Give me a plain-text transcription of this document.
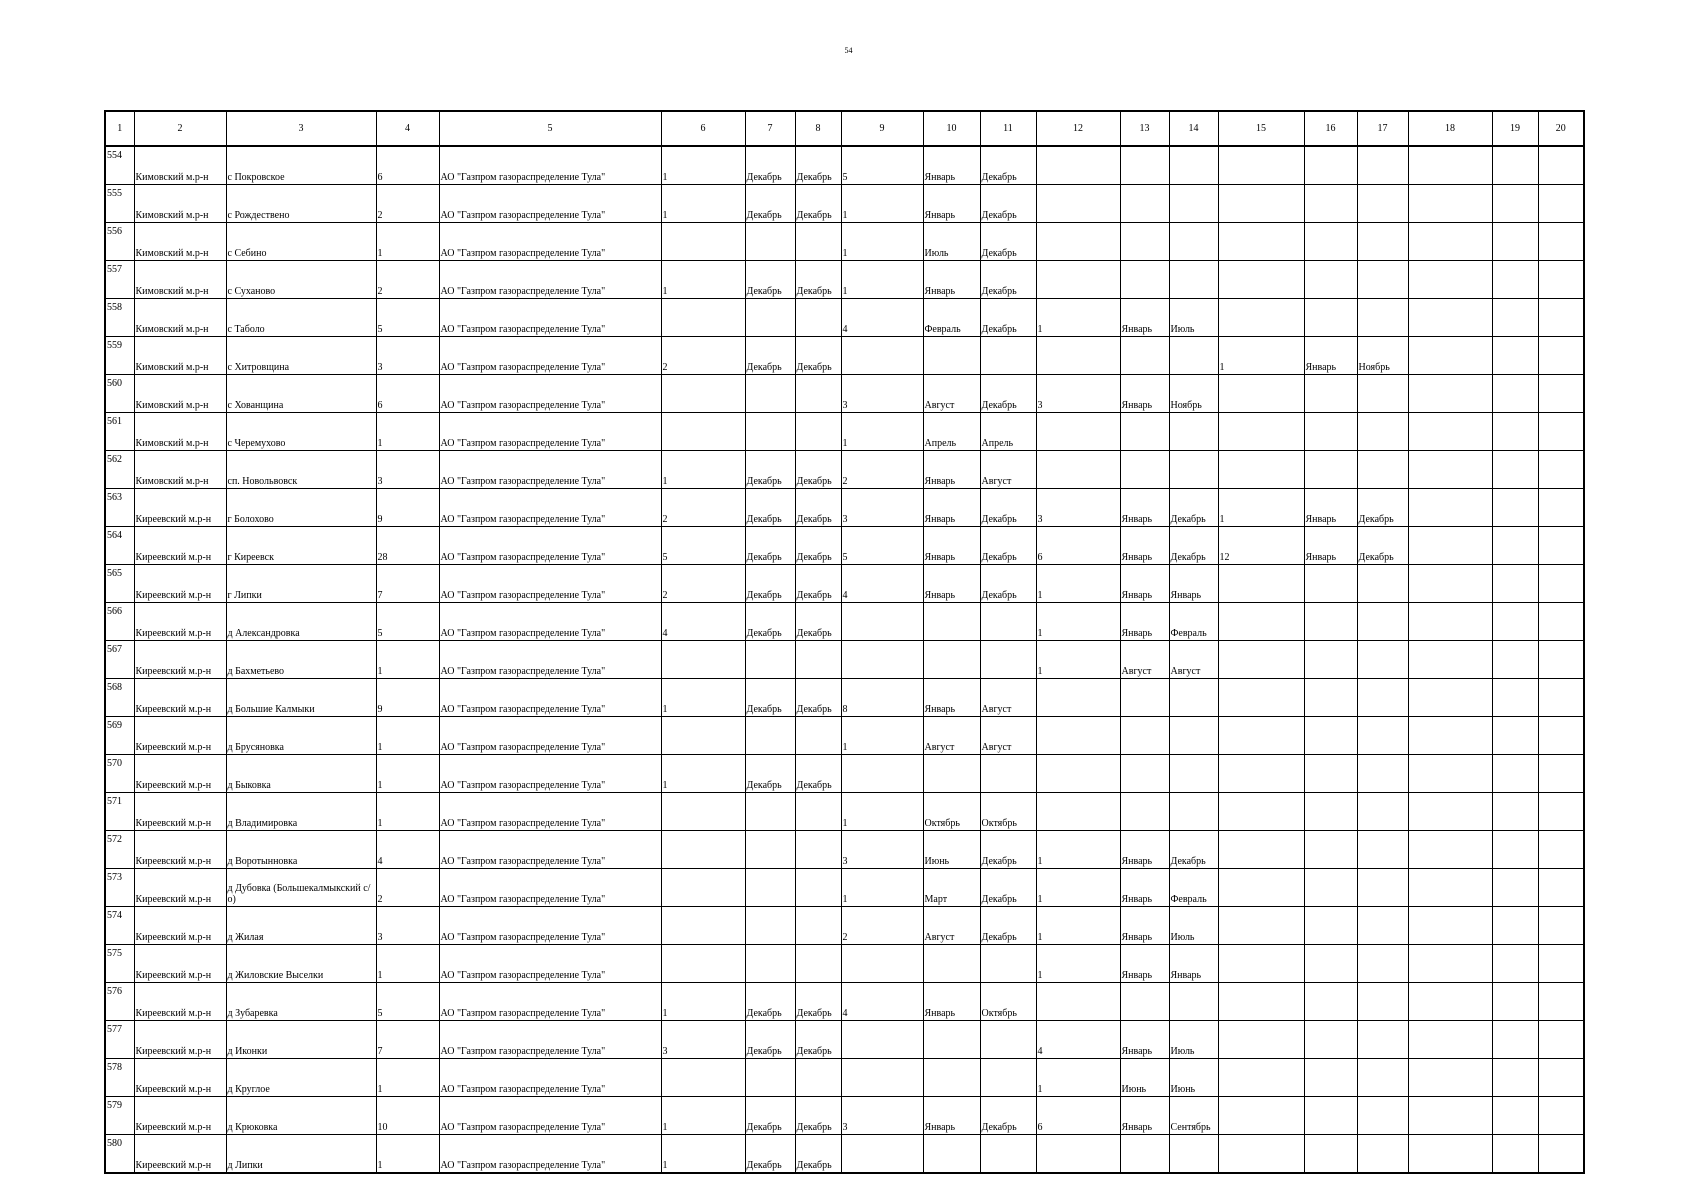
54
1	2	3	4	5	6	7	8	9	10	11	12	13	14	15	16	17	18	19	20
554	Кимовский м.р-н	с Покровское	6	АО "Газпром газораспределение Тула"	1	Декабрь	Декабрь	5	Январь	Декабрь									
555	Кимовский м.р-н	с Рождествено	2	АО "Газпром газораспределение Тула"	1	Декабрь	Декабрь	1	Январь	Декабрь									
556	Кимовский м.р-н	с Себино	1	АО "Газпром газораспределение Тула"				1	Июль	Декабрь									
557	Кимовский м.р-н	с Суханово	2	АО "Газпром газораспределение Тула"	1	Декабрь	Декабрь	1	Январь	Декабрь									
558	Кимовский м.р-н	с Таболо	5	АО "Газпром газораспределение Тула"				4	Февраль	Декабрь	1	Январь	Июль						
559	Кимовский м.р-н	с Хитровщина	3	АО "Газпром газораспределение Тула"	2	Декабрь	Декабрь							1	Январь	Ноябрь			
560	Кимовский м.р-н	с Хованщина	6	АО "Газпром газораспределение Тула"				3	Август	Декабрь	3	Январь	Ноябрь						
561	Кимовский м.р-н	с Черемухово	1	АО "Газпром газораспределение Тула"				1	Апрель	Апрель									
562	Кимовский м.р-н	сп. Новольвовск	3	АО "Газпром газораспределение Тула"	1	Декабрь	Декабрь	2	Январь	Август									
563	Киреевский м.р-н	г Болохово	9	АО "Газпром газораспределение Тула"	2	Декабрь	Декабрь	3	Январь	Декабрь	3	Январь	Декабрь	1	Январь	Декабрь			
564	Киреевский м.р-н	г Киреевск	28	АО "Газпром газораспределение Тула"	5	Декабрь	Декабрь	5	Январь	Декабрь	6	Январь	Декабрь	12	Январь	Декабрь			
565	Киреевский м.р-н	г Липки	7	АО "Газпром газораспределение Тула"	2	Декабрь	Декабрь	4	Январь	Декабрь	1	Январь	Январь						
566	Киреевский м.р-н	д Александровка	5	АО "Газпром газораспределение Тула"	4	Декабрь	Декабрь				1	Январь	Февраль						
567	Киреевский м.р-н	д Бахметьево	1	АО "Газпром газораспределение Тула"							1	Август	Август						
568	Киреевский м.р-н	д Большие Калмыки	9	АО "Газпром газораспределение Тула"	1	Декабрь	Декабрь	8	Январь	Август									
569	Киреевский м.р-н	д Брусяновка	1	АО "Газпром газораспределение Тула"				1	Август	Август									
570	Киреевский м.р-н	д Быковка	1	АО "Газпром газораспределение Тула"	1	Декабрь	Декабрь												
571	Киреевский м.р-н	д Владимировка	1	АО "Газпром газораспределение Тула"				1	Октябрь	Октябрь									
572	Киреевский м.р-н	д Воротынновка	4	АО "Газпром газораспределение Тула"				3	Июнь	Декабрь	1	Январь	Декабрь						
573	Киреевский м.р-н	д Дубовка (Большекалмыкский с/о)	2	АО "Газпром газораспределение Тула"				1	Март	Декабрь	1	Январь	Февраль						
574	Киреевский м.р-н	д Жилая	3	АО "Газпром газораспределение Тула"				2	Август	Декабрь	1	Январь	Июль						
575	Киреевский м.р-н	д Жиловские Выселки	1	АО "Газпром газораспределение Тула"							1	Январь	Январь						
576	Киреевский м.р-н	д Зубаревка	5	АО "Газпром газораспределение Тула"	1	Декабрь	Декабрь	4	Январь	Октябрь									
577	Киреевский м.р-н	д Иконки	7	АО "Газпром газораспределение Тула"	3	Декабрь	Декабрь				4	Январь	Июль						
578	Киреевский м.р-н	д Круглое	1	АО "Газпром газораспределение Тула"							1	Июнь	Июнь						
579	Киреевский м.р-н	д Крюковка	10	АО "Газпром газораспределение Тула"	1	Декабрь	Декабрь	3	Январь	Декабрь	6	Январь	Сентябрь						
580	Киреевский м.р-н	д Липки	1	АО "Газпром газораспределение Тула"	1	Декабрь	Декабрь												
